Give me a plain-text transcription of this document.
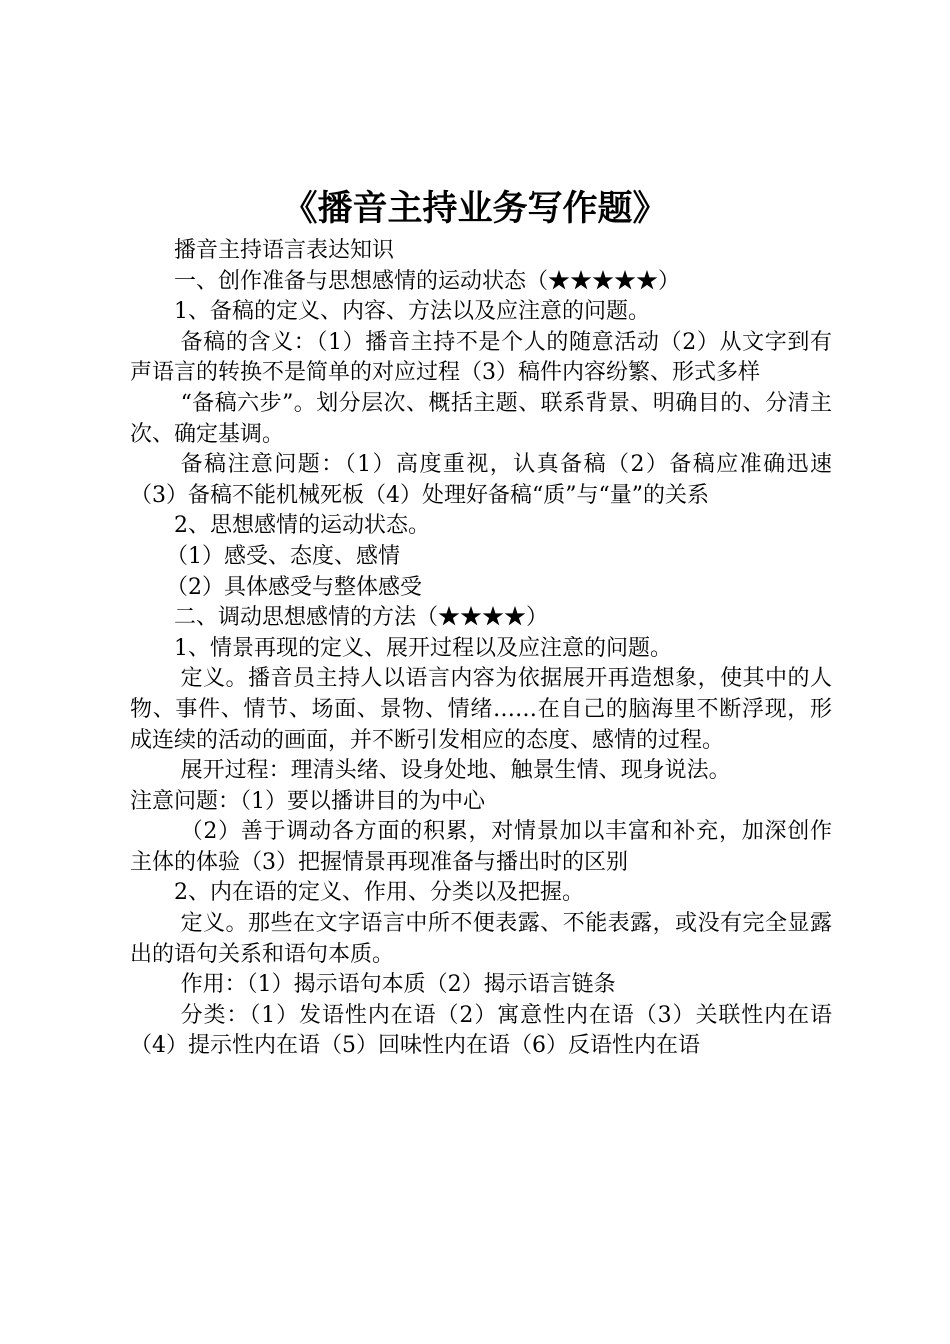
《播音主持业务写作题》

播音主持语言表达知识

一、创作准备与思想感情的运动状态（★★★★★）

1、备稿的定义、内容、方法以及应注意的问题。

备稿的含义：（1）播音主持不是个人的随意活动（2）从文字到有声语言的转换不是简单的对应过程（3）稿件内容纷繁、形式多样

“备稿六步”。划分层次、概括主题、联系背景、明确目的、分清主次、确定基调。

备稿注意问题：（1）高度重视，认真备稿（2）备稿应准确迅速（3）备稿不能机械死板（4）处理好备稿“质”与“量”的关系

2、思想感情的运动状态。

（1）感受、态度、感情

（2）具体感受与整体感受

二、调动思想感情的方法（★★★★）

1、情景再现的定义、展开过程以及应注意的问题。

定义。播音员主持人以语言内容为依据展开再造想象，使其中的人物、事件、情节、场面、景物、情绪……在自己的脑海里不断浮现，形成连续的活动的画面，并不断引发相应的态度、感情的过程。

展开过程：理清头绪、设身处地、触景生情、现身说法。

注意问题：（1）要以播讲目的为中心

（2）善于调动各方面的积累，对情景加以丰富和补充，加深创作主体的体验（3）把握情景再现准备与播出时的区别

2、内在语的定义、作用、分类以及把握。

定义。那些在文字语言中所不便表露、不能表露，或没有完全显露出的语句关系和语句本质。

作用：（1）揭示语句本质（2）揭示语言链条

分类：（1）发语性内在语（2）寓意性内在语（3）关联性内在语（4）提示性内在语（5）回味性内在语（6）反语性内在语
